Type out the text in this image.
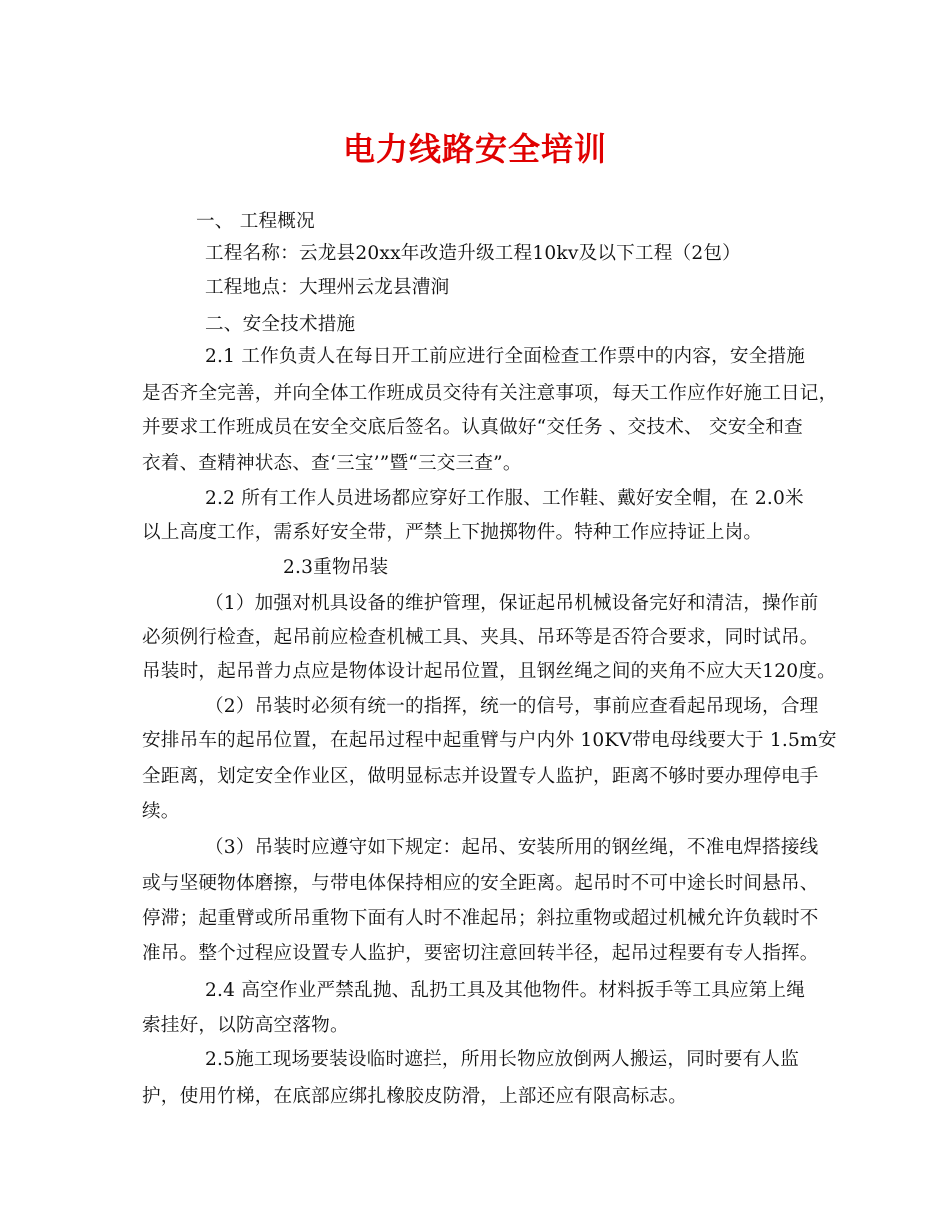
电力线路安全培训
一、 工程概况
工程名称：云龙县20xx年改造升级工程10kv及以下工程（2包）
工程地点：大理州云龙县漕涧
二、安全技术措施
2.1 工作负责人在每日开工前应进行全面检查工作票中的内容，安全措施
是否齐全完善，并向全体工作班成员交待有关注意事项，每天工作应作好施工日记，
并要求工作班成员在安全交底后签名。认真做好“交任务 、交技术、 交安全和查
衣着、查精神状态、查‘三宝’”暨“三交三查”。
2.2 所有工作人员进场都应穿好工作服、工作鞋、戴好安全帽，在 2.0米
以上高度工作，需系好安全带，严禁上下抛掷物件。特种工作应持证上岗。
2.3重物吊装
（1）加强对机具设备的维护管理，保证起吊机械设备完好和清洁，操作前
必须例行检查，起吊前应检查机械工具、夹具、吊环等是否符合要求，同时试吊。
吊装时，起吊普力点应是物体设计起吊位置，且钢丝绳之间的夹角不应大天120度。
（2）吊装时必须有统一的指挥，统一的信号，事前应查看起吊现场，合理
安排吊车的起吊位置，在起吊过程中起重臂与户内外 10KV带电母线要大于 1.5m安
全距离，划定安全作业区，做明显标志并设置专人监护，距离不够时要办理停电手
续。
（3）吊装时应遵守如下规定：起吊、安装所用的钢丝绳，不准电焊搭接线
或与坚硬物体磨擦，与带电体保持相应的安全距离。起吊时不可中途长时间悬吊、
停滞；起重臂或所吊重物下面有人时不准起吊；斜拉重物或超过机械允许负载时不
准吊。整个过程应设置专人监护，要密切注意回转半径，起吊过程要有专人指挥。
2.4 高空作业严禁乱抛、乱扔工具及其他物件。材料扳手等工具应第上绳
索挂好，以防高空落物。
2.5施工现场要装设临时遮拦，所用长物应放倒两人搬运，同时要有人监
护，使用竹梯，在底部应绑扎橡胶皮防滑，上部还应有限高标志。
